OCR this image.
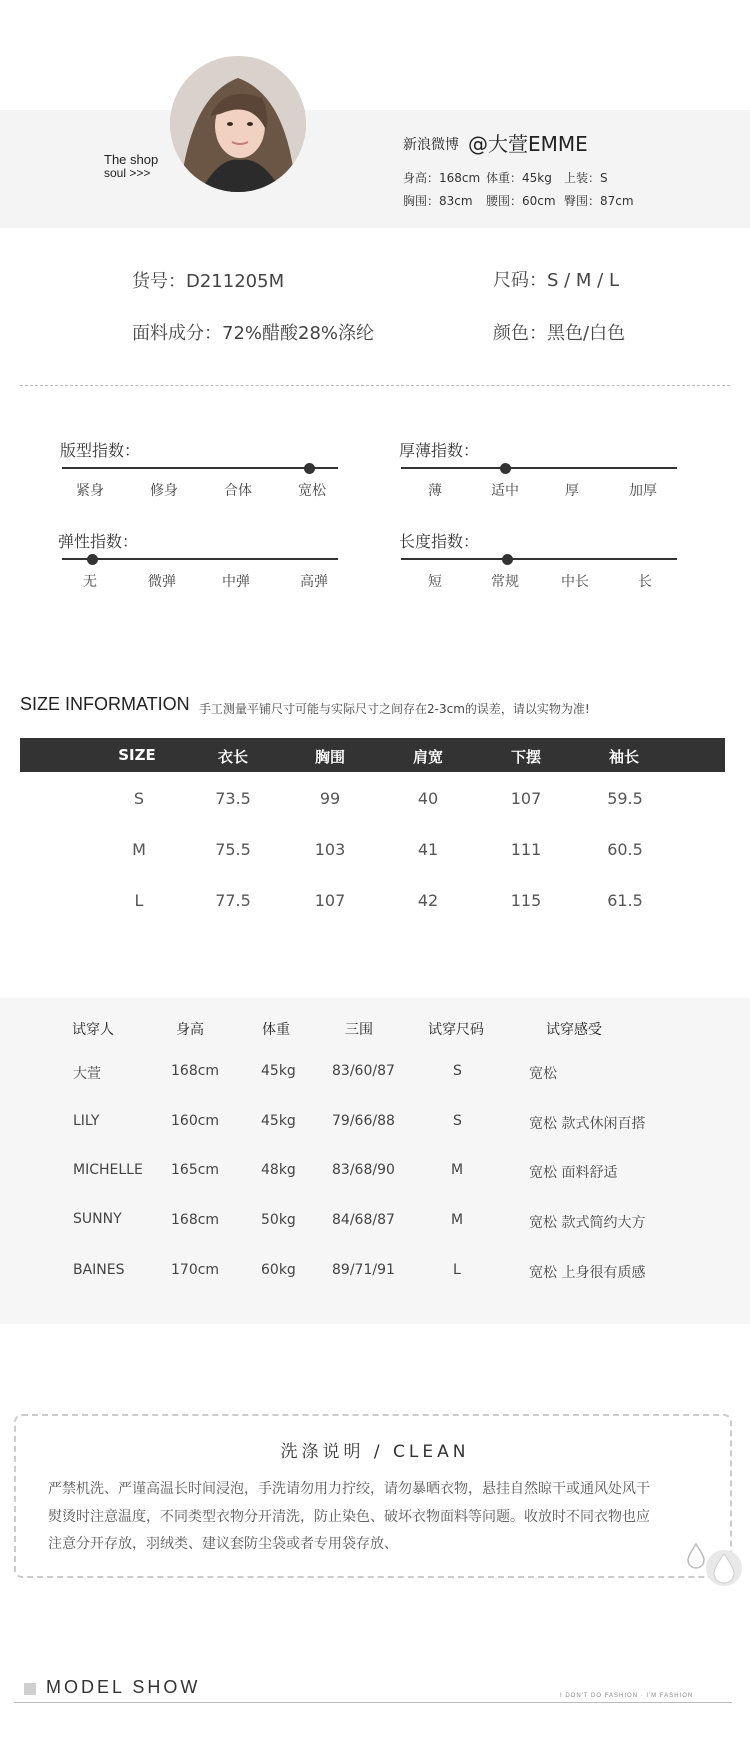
The shop
soul >>>
新浪微博 @大萱EMME
身高：168cm 体重：45kg 上装：S
胸围：83cm 腰围：60cm 臀围：87cm
货号：D211205M	尺码：S / M / L
面料成分：72%醋酸28%涤纶	颜色：黑色/白色
版型指数：
紧身	修身	合体	宽松
厚薄指数：
薄	适中	厚	加厚
弹性指数：
无	微弹	中弹	高弹
长度指数：
短	常规	中长	长
SIZE INFORMATION 手工测量平铺尺寸可能与实际尺寸之间存在2-3cm的误差，请以实物为准!
SIZE	衣长	胸围	肩宽	下摆	袖长
S	73.5	99	40	107	59.5
M	75.5	103	41	111	60.5
L	77.5	107	42	115	61.5
试穿人	身高	体重	三围	试穿尺码	试穿感受
大萱	168cm	45kg	83/60/87	S	宽松
LILY	160cm	45kg	79/66/88	S	宽松 款式休闲百搭
MICHELLE 165cm	48kg	83/68/90	M	宽松 面料舒适
SUNNY	168cm	50kg	84/68/87	M	宽松 款式简约大方
BAINES	170cm	60kg	89/71/91	L	宽松 上身很有质感
洗涤说明 / CLEAN
严禁机洗、严谨高温长时间浸泡，手洗请勿用力拧绞，请勿暴晒衣物，悬挂自然晾干或通风处风干
熨烫时注意温度，不同类型衣物分开清洗，防止染色、破坏衣物面料等问题。收放时不同衣物也应
注意分开存放，羽绒类、建议套防尘袋或者专用袋存放、
MODEL SHOW	I DON'T DO FASHION · I'M FASHION
